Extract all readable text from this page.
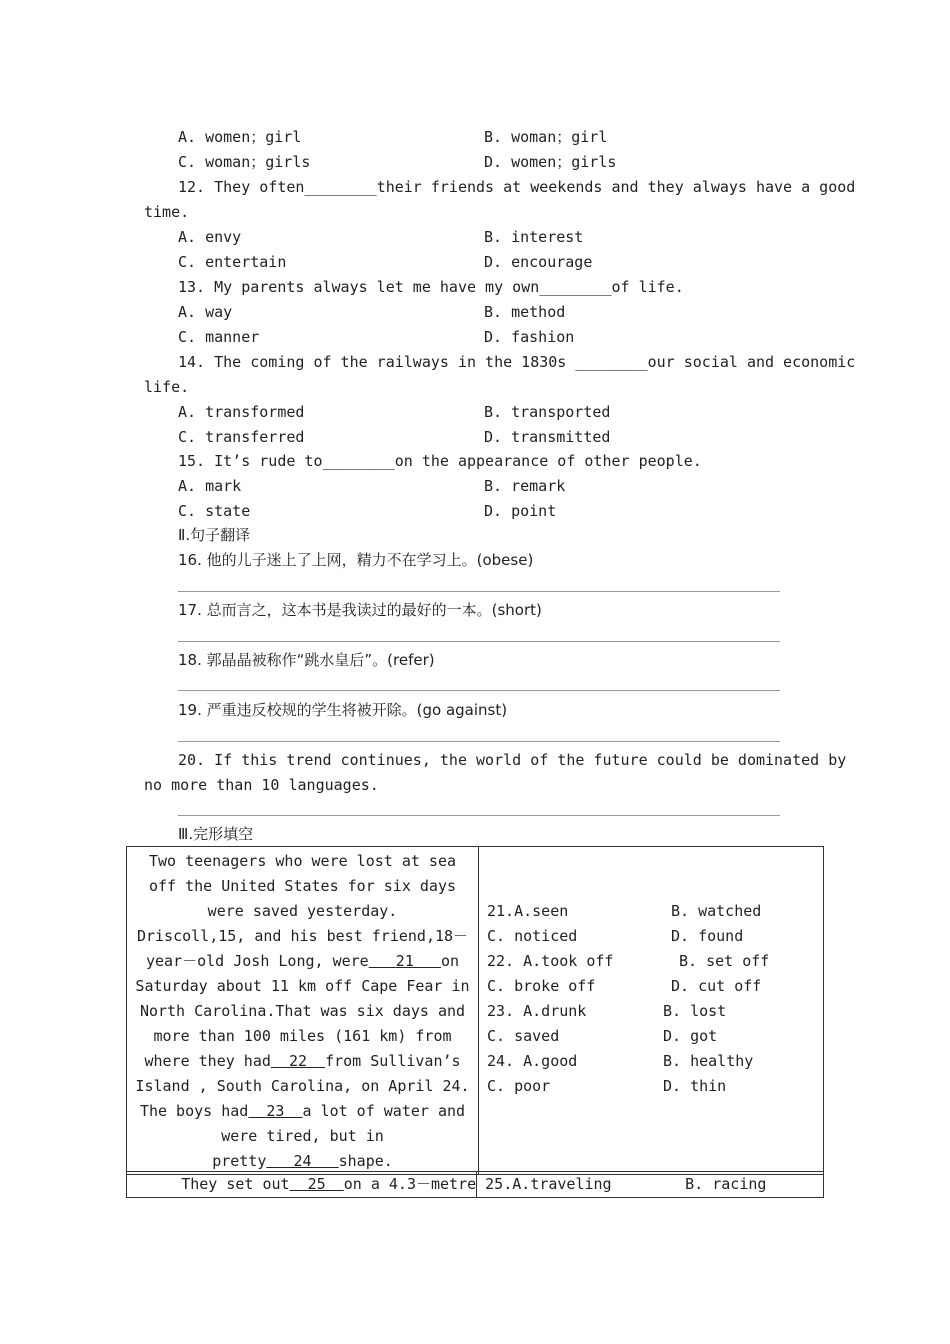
A. women；girl	B. woman；girl
C. woman；girls	D. women；girls
12. They often________their friends at weekends and they always have a good
time.
A. envy	B. interest
C. entertain	D. encourage
13. My parents always let me have my own________of life.
A. way	B. method
C. manner	D. fashion
14. The coming of the railways in the 1830s ________our social and economic
life.
A. transformed	B. transported
C. transferred	D. transmitted
15. It’s rude to________on the appearance of other people.
A. mark	B. remark
C. state	D. point
Ⅱ.句子翻译
16. 他的儿子迷上了上网，精力不在学习上。(obese)
17. 总而言之，这本书是我读过的最好的一本。(short)
18. 郭晶晶被称作“跳水皇后”。(refer)
19. 严重违反校规的学生将被开除。(go against)
20. If this trend continues, the world of the future could be dominated by
no more than 10 languages.
Ⅲ.完形填空
Two teenagers who were lost at sea off the United States for six days were saved yesterday.
Driscoll,15, and his best friend,18－year－old Josh Long, were 21 on Saturday about 11 km off Cape Fear in North Carolina.That was six days and more than 100 miles (161 km) from where they had 22 from Sullivan’s Island , South Carolina, on April 24. The boys had 23 a lot of water and were tired, but in pretty 24 shape.

21.A.seen	B. watched
C. noticed	D. found
22. A.took off	B. set off
C. broke off	D. cut off
23. A.drunk	B. lost
C. saved	D. got
24. A.good	B. healthy
C. poor	D. thin
They set out 25 on a 4.3－metre	25.A.traveling	B. racing
